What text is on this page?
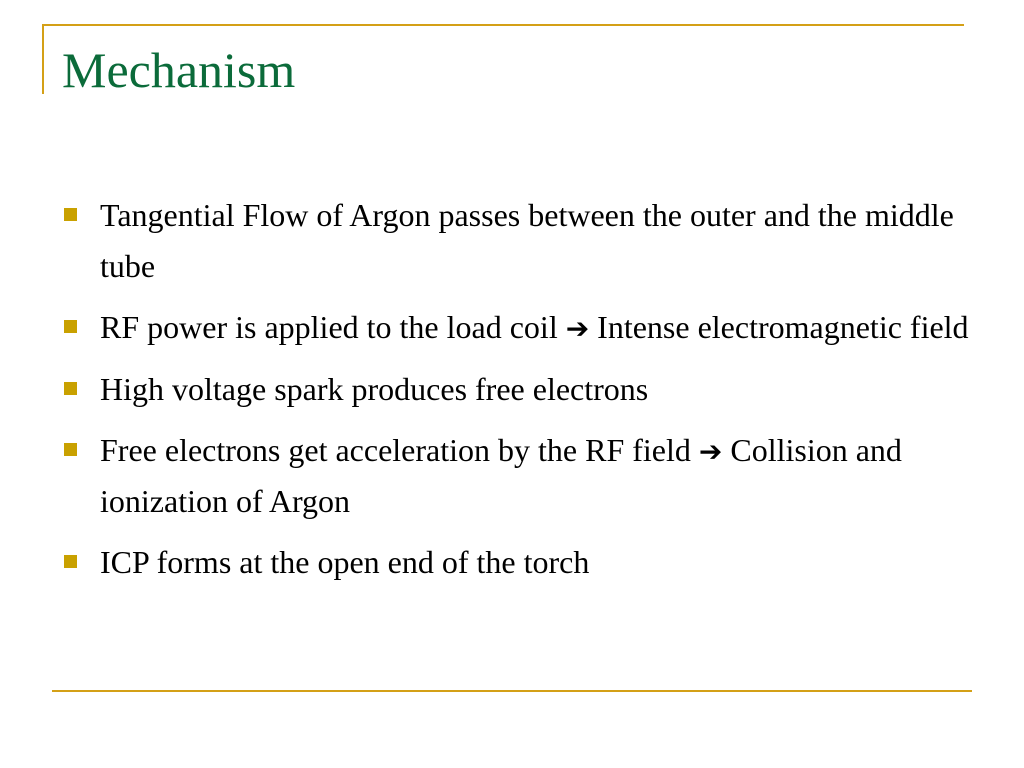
Mechanism
Tangential Flow of Argon passes between the outer and the middle tube
RF power is applied to the load coil ➔ Intense electromagnetic field
High voltage spark produces free electrons
Free electrons get acceleration by the RF field ➔ Collision and ionization of Argon
ICP forms at the open end of the torch
